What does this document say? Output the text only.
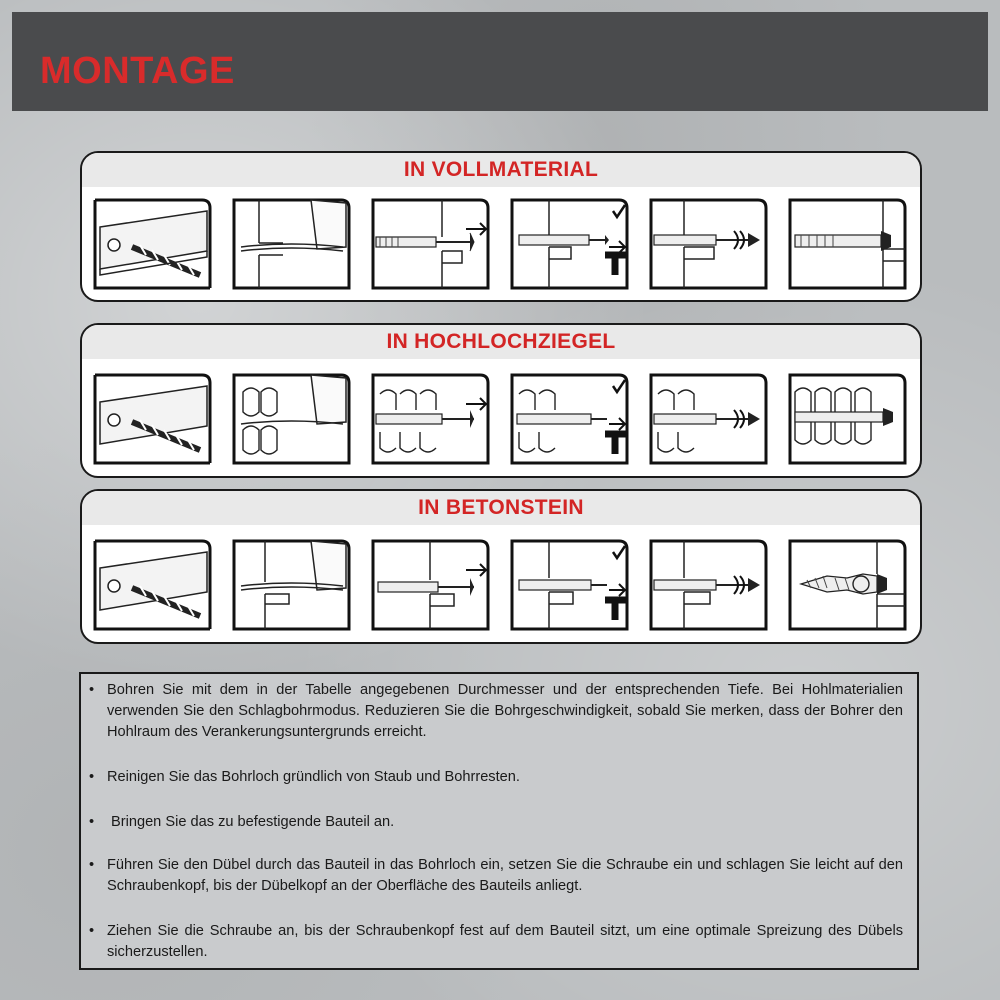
MONTAGE
IN VOLLMATERIAL
IN HOCHLOCHZIEGEL
IN BETONSTEIN
• Bohren Sie mit dem in der Tabelle angegebenen Durchmesser und der entsprechenden Tiefe. Bei Hohlmaterialien verwenden Sie den Schlagbohrmodus. Reduzieren Sie die Bohrgeschwindigkeit, sobald Sie merken, dass der Bohrer den Hohlraum des Verankerungsuntergrunds erreicht.
• Reinigen Sie das Bohrloch gründlich von Staub und Bohrresten.
•	Bringen Sie das zu befestigende Bauteil an.
• Führen Sie den Dübel durch das Bauteil in das Bohrloch ein, setzen Sie die Schraube ein und schlagen Sie leicht auf den Schraubenkopf, bis der Dübelkopf an der Oberfläche des Bauteils anliegt.
• Ziehen Sie die Schraube an, bis der Schraubenkopf fest auf dem Bauteil sitzt, um eine optimale Spreizung des Dübels sicherzustellen.
